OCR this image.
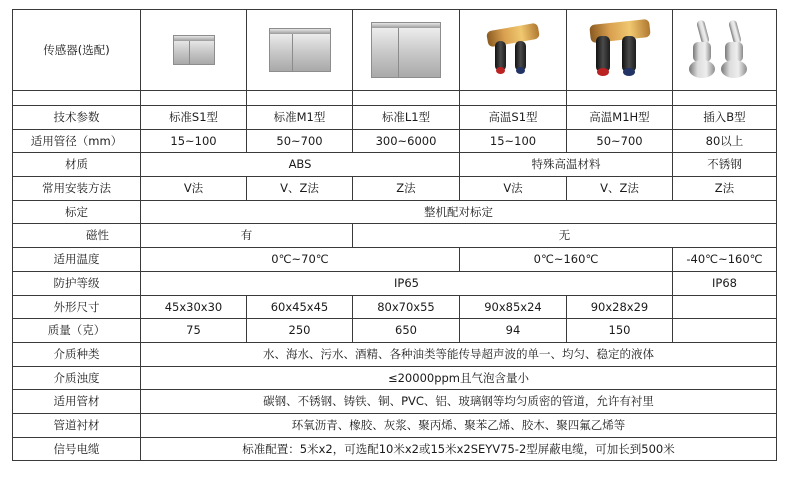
传感器(选配)				

技术参数	标准S1型	标准M1型	标准L1型	高温S1型	高温M1H型	插入B型
适用管径（mm）	15~100	50~700	300~6000	15~100	50~700	80以上
材质	ABS			特殊高温材料		不锈钢
常用安装方法	V法	V、Z法	Z法	V法	V、Z法	Z法
标定	整机配对标定					
磁性	有		无			
适用温度	0℃~70℃			0℃~160℃		-40℃~160℃
防护等级	IP65					IP68
外形尺寸	45x30x30	60x45x45	80x70x55	90x85x24	90x28x29	
质量（克）	75	250	650	94	150	
介质种类	水、海水、污水、酒精、各种油类等能传导超声波的单一、均匀、稳定的液体					
介质浊度	≤20000ppm且气泡含量小					
适用管材	碳钢、不锈钢、铸铁、铜、PVC、铝、玻璃钢等均匀质密的管道，允许有衬里					
管道衬材	环氧沥青、橡胶、灰浆、聚丙烯、聚苯乙烯、胶木、聚四氟乙烯等					
信号电缆	标准配置：5米x2，可选配10米x2或15米x2SEYV75-2型屏蔽电缆，可加长到500米					
